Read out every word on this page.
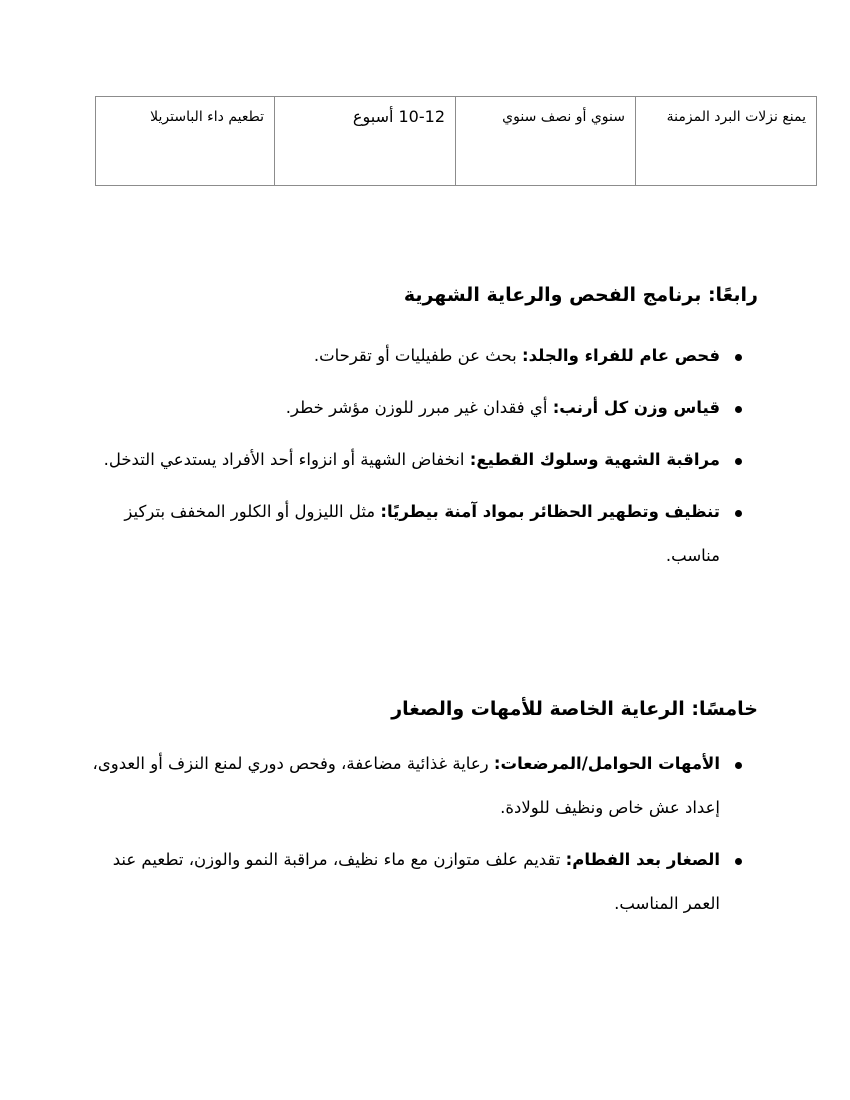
يمنع نزلات البرد المزمنة	سنوي أو نصف سنوي	10-12 أسبوع	تطعيم داء الباستريلا
رابعًا: برنامج الفحص والرعاية الشهرية
فحص عام للفراء والجلد: بحث عن طفيليات أو تقرحات.
قياس وزن كل أرنب: أي فقدان غير مبرر للوزن مؤشر خطر.
مراقبة الشهية وسلوك القطيع: انخفاض الشهية أو انزواء أحد الأفراد يستدعي التدخل.
تنظيف وتطهير الحظائر بمواد آمنة بيطريًا: مثل الليزول أو الكلور المخفف بتركيز مناسب.
خامسًا: الرعاية الخاصة للأمهات والصغار
الأمهات الحوامل/المرضعات: رعاية غذائية مضاعفة، وفحص دوري لمنع النزف أو العدوى، إعداد عش خاص ونظيف للولادة.
الصغار بعد الفطام: تقديم علف متوازن مع ماء نظيف، مراقبة النمو والوزن، تطعيم عند العمر المناسب.
